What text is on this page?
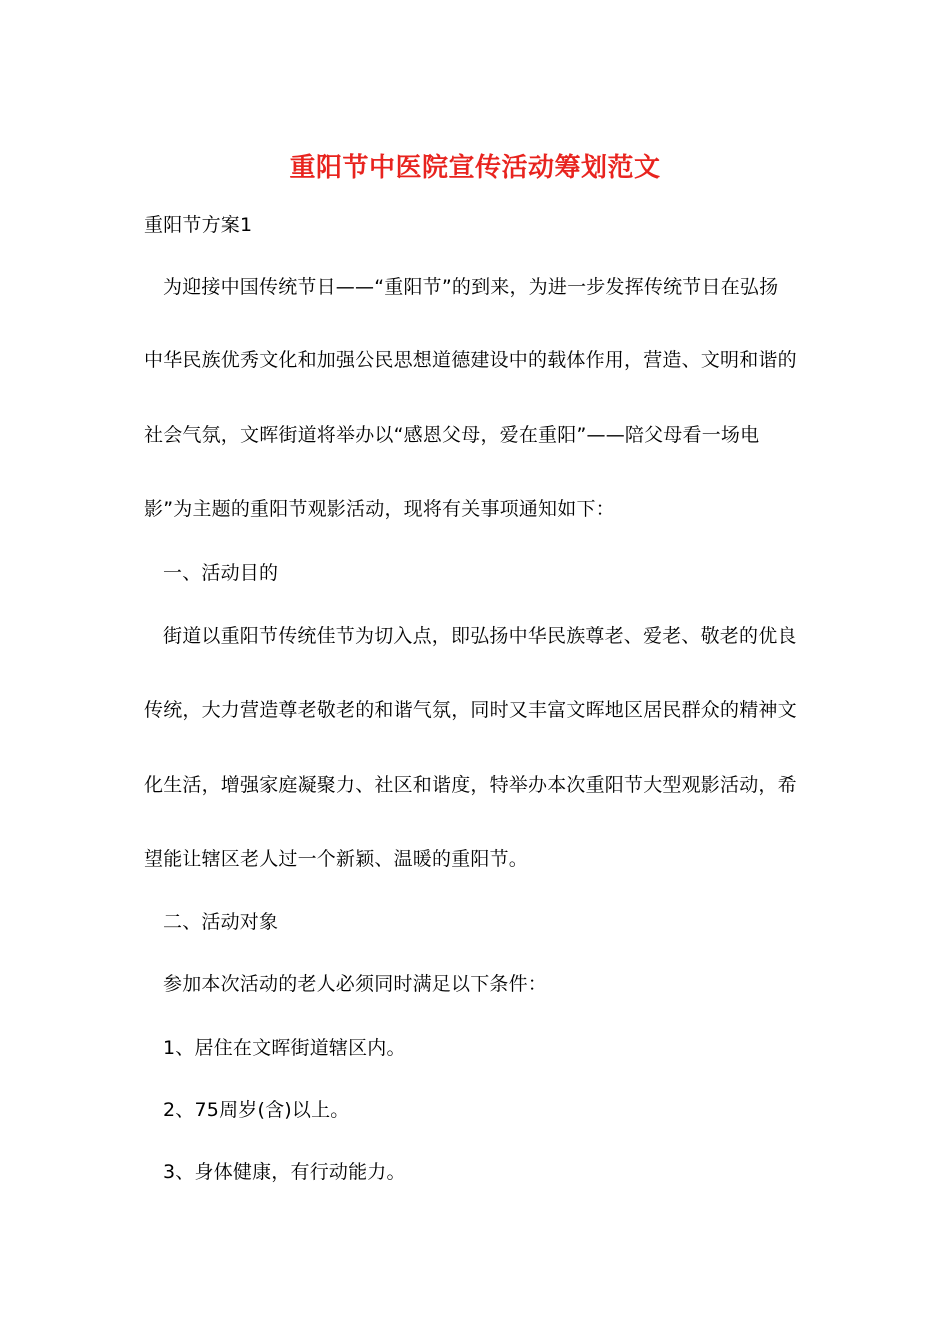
重阳节中医院宣传活动筹划范文
重阳节方案1
为迎接中国传统节日——“重阳节”的到来，为进一步发挥传统节日在弘扬
中华民族优秀文化和加强公民思想道德建设中的载体作用，营造、文明和谐的
社会气氛，文晖街道将举办以“感恩父母，爱在重阳”——陪父母看一场电
影”为主题的重阳节观影活动，现将有关事项通知如下：
一、活动目的
街道以重阳节传统佳节为切入点，即弘扬中华民族尊老、爱老、敬老的优良
传统，大力营造尊老敬老的和谐气氛，同时又丰富文晖地区居民群众的精神文
化生活，增强家庭凝聚力、社区和谐度，特举办本次重阳节大型观影活动，希
望能让辖区老人过一个新颖、温暖的重阳节。
二、活动对象
参加本次活动的老人必须同时满足以下条件：
1、居住在文晖街道辖区内。
2、75周岁(含)以上。
3、身体健康，有行动能力。
